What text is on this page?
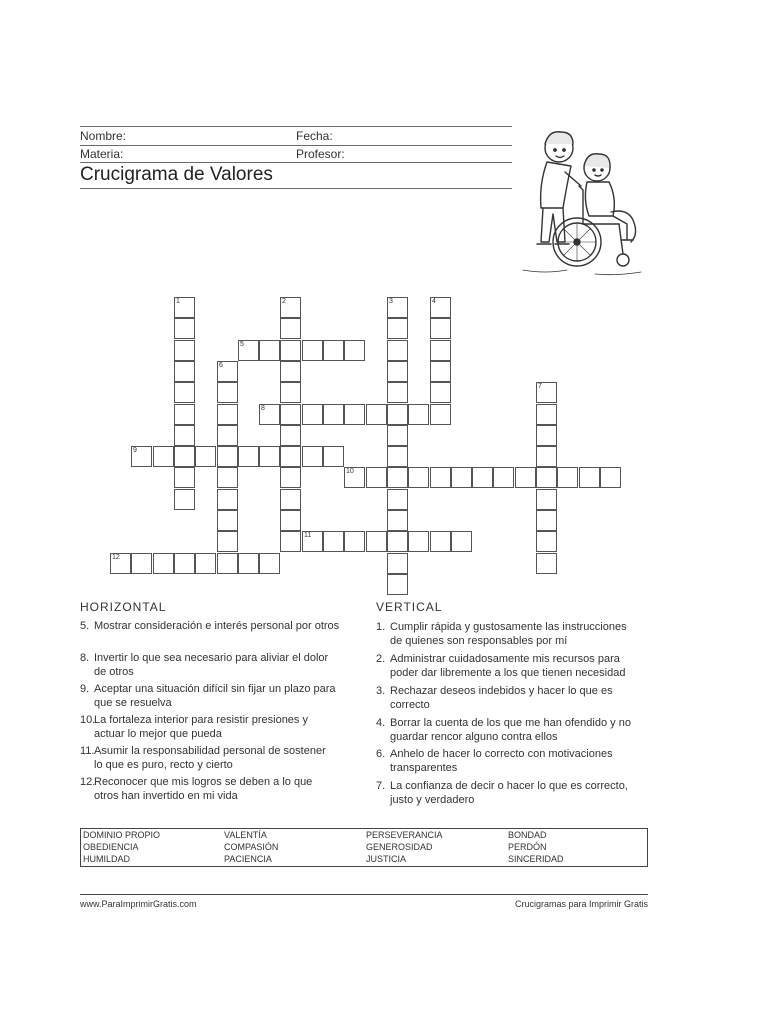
Nombre:	Fecha:
Materia:	Profesor:
Crucigrama de Valores
1	2	3	4
5
6
7
8
9
10
11
12
HORIZONTAL	VERTICAL
5. Mostrar consideración e interés personal por otros
8. Invertir lo que sea necesario para aliviar el dolor
de otros
9. Aceptar una situación difícil sin fijar un plazo para
que se resuelva
10.
La fortaleza interior para resistir presiones y
actuar lo mejor que pueda
11. Asumir la responsabilidad personal de sostener
lo que es puro, recto y cierto
12.
Reconocer que mis logros se deben a lo que
otros han invertido en mi vida
1. Cumplir rápida y gustosamente las instrucciones
de quienes son responsables por mí
2. Administrar cuidadosamente mis recursos para
poder dar libremente a los que tienen necesidad
3. Rechazar deseos indebidos y hacer lo que es
correcto
4. Borrar la cuenta de los que me han ofendido y no
guardar rencor alguno contra ellos
6. Anhelo de hacer lo correcto con motivaciones
transparentes
7. La confianza de decir o hacer lo que es correcto,
justo y verdadero
DOMINIO PROPIO	VALENTÍA	PERSEVERANCIA	BONDAD
OBEDIENCIA	COMPASIÓN	GENEROSIDAD	PERDÓN
HUMILDAD	PACIENCIA	JUSTICIA	SINCERIDAD
www.ParaImprimirGratis.com	Crucigramas para Imprimir Gratis
